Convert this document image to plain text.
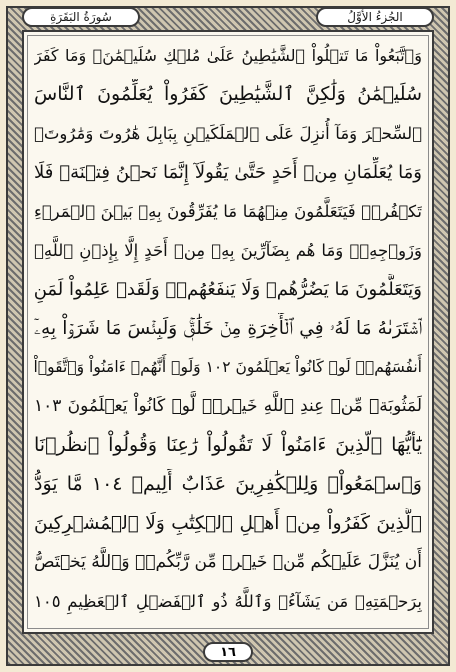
الجُزءُ الأوَّلُ
سُورَةُ البَقَرَةِ
وَٱتَّبَعُواْ مَا تَتۡلُواْ ٱلشَّيَٰطِينُ عَلَىٰ مُلۡكِ سُلَيۡمَٰنَۖ وَمَا كَفَرَ
سُلَيۡمَٰنُ وَلَٰكِنَّ ٱلشَّيَٰطِينَ كَفَرُواْ يُعَلِّمُونَ ٱلنَّاسَ
ٱلسِّحۡرَ وَمَآ أُنزِلَ عَلَى ٱلۡمَلَكَيۡنِ بِبَابِلَ هَٰرُوتَ وَمَٰرُوتَۚ
وَمَا يُعَلِّمَانِ مِنۡ أَحَدٍ حَتَّىٰ يَقُولَآ إِنَّمَا نَحۡنُ فِتۡنَةٞ فَلَا
تَكۡفُرۡۖ فَيَتَعَلَّمُونَ مِنۡهُمَا مَا يُفَرِّقُونَ بِهِۦ بَيۡنَ ٱلۡمَرۡءِ
وَزَوۡجِهِۦۚ وَمَا هُم بِضَآرِّينَ بِهِۦ مِنۡ أَحَدٍ إِلَّا بِإِذۡنِ ٱللَّهِۚ
وَيَتَعَلَّمُونَ مَا يَضُرُّهُمۡ وَلَا يَنفَعُهُمۡۚ وَلَقَدۡ عَلِمُواْ لَمَنِ
ٱشۡتَرَىٰهُ مَا لَهُۥ فِي ٱلۡأٓخِرَةِ مِنۡ خَلَٰقٖۚ وَلَبِئۡسَ مَا شَرَوۡاْ بِهِۦٓ
أَنفُسَهُمۡۚ لَوۡ كَانُواْ يَعۡلَمُونَ ١٠٢ وَلَوۡ أَنَّهُمۡ ءَامَنُواْ وَٱتَّقَوۡاْ
لَمَثُوبَةٞ مِّنۡ عِندِ ٱللَّهِ خَيۡرٞۖ لَّوۡ كَانُواْ يَعۡلَمُونَ ١٠٣
يَٰٓأَيُّهَا ٱلَّذِينَ ءَامَنُواْ لَا تَقُولُواْ رَٰعِنَا وَقُولُواْ ٱنظُرۡنَا
وَٱسۡمَعُواْۗ وَلِلۡكَٰفِرِينَ عَذَابٌ أَلِيمٞ ١٠٤ مَّا يَوَدُّ
ٱلَّذِينَ كَفَرُواْ مِنۡ أَهۡلِ ٱلۡكِتَٰبِ وَلَا ٱلۡمُشۡرِكِينَ
أَن يُنَزَّلَ عَلَيۡكُم مِّنۡ خَيۡرٖ مِّن رَّبِّكُمۡۚ وَٱللَّهُ يَخۡتَصُّ
بِرَحۡمَتِهِۦ مَن يَشَآءُۚ وَٱللَّهُ ذُو ٱلۡفَضۡلِ ٱلۡعَظِيمِ ١٠٥
١٦
